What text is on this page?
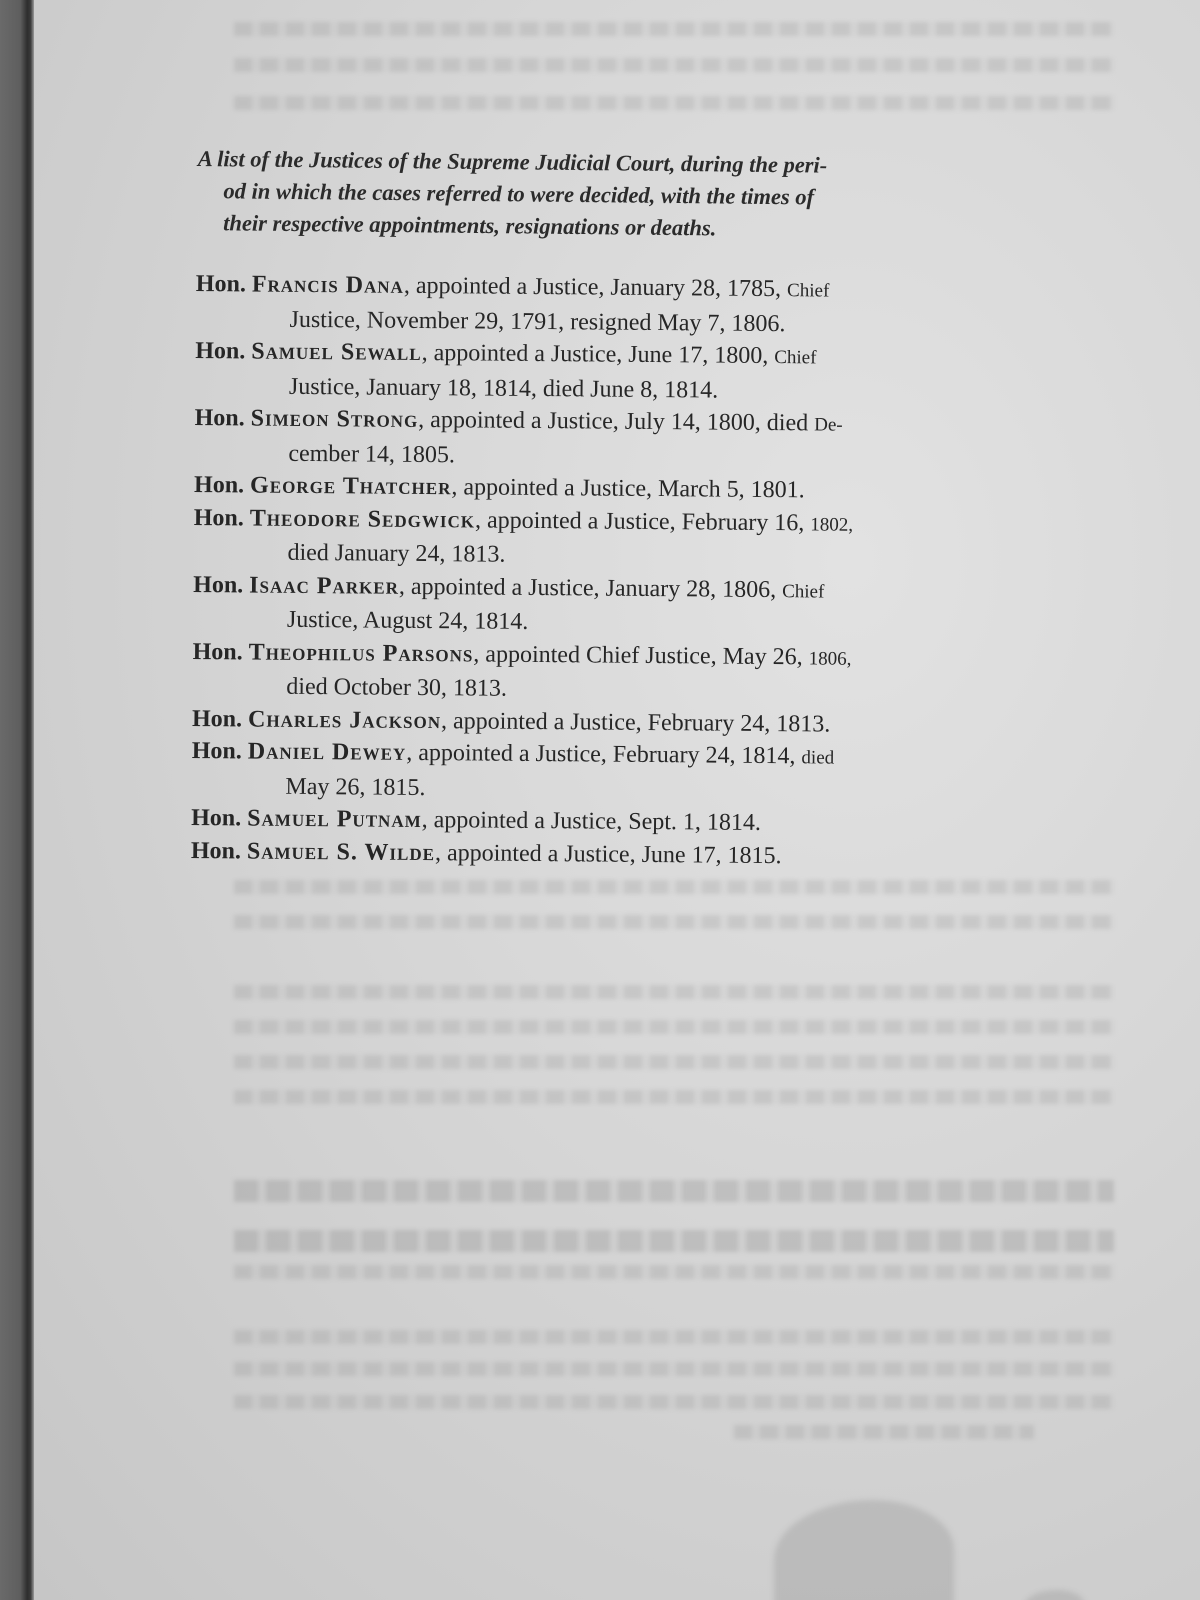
A list of the Justices of the Supreme Judicial Court, during the peri-
od in which the cases referred to were decided, with the times of
their respective appointments, resignations or deaths.
Hon. Francis Dana, appointed a Justice, January 28, 1785, Chief
Justice, November 29, 1791, resigned May 7, 1806.
Hon. Samuel Sewall, appointed a Justice, June 17, 1800, Chief
Justice, January 18, 1814, died June 8, 1814.
Hon. Simeon Strong, appointed a Justice, July 14, 1800, died De-
cember 14, 1805.
Hon. George Thatcher, appointed a Justice, March 5, 1801.
Hon. Theodore Sedgwick, appointed a Justice, February 16, 1802,
died January 24, 1813.
Hon. Isaac Parker, appointed a Justice, January 28, 1806, Chief
Justice, August 24, 1814.
Hon. Theophilus Parsons, appointed Chief Justice, May 26, 1806,
died October 30, 1813.
Hon. Charles Jackson, appointed a Justice, February 24, 1813.
Hon. Daniel Dewey, appointed a Justice, February 24, 1814, died
May 26, 1815.
Hon. Samuel Putnam, appointed a Justice, Sept. 1, 1814.
Hon. Samuel S. Wilde, appointed a Justice, June 17, 1815.
